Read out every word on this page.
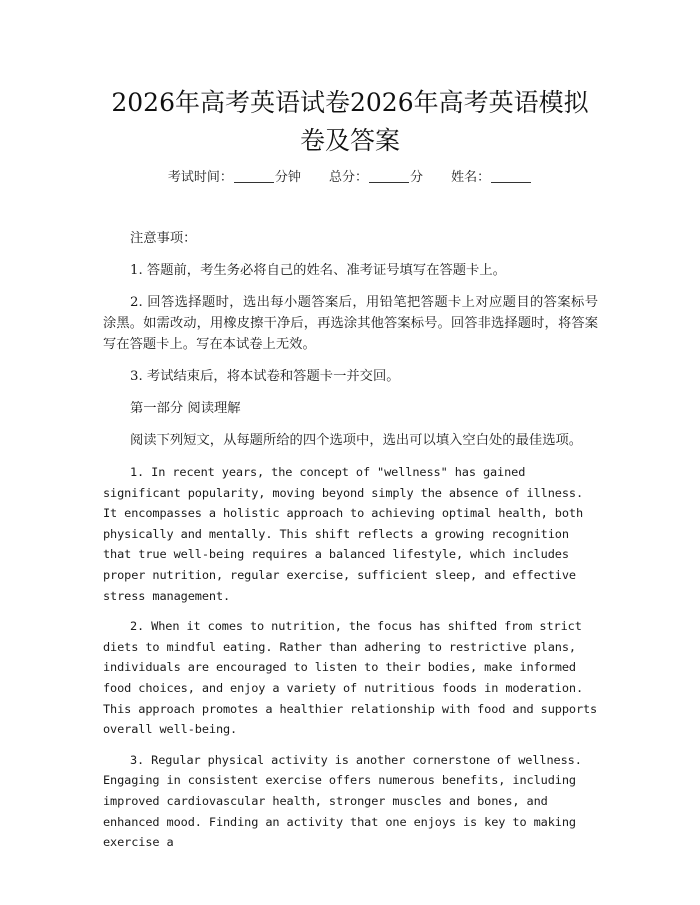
2026年高考英语试卷2026年高考英语模拟卷及答案
考试时间：	分钟 总分：	分 姓名：

注意事项：

1. 答题前，考生务必将自己的姓名、准考证号填写在答题卡上。

2. 回答选择题时，选出每小题答案后，用铅笔把答题卡上对应题目的答案标号涂黑。如需改动，用橡皮擦干净后，再选涂其他答案标号。回答非选择题时，将答案写在答题卡上。写在本试卷上无效。

3. 考试结束后，将本试卷和答题卡一并交回。

第一部分 阅读理解

阅读下列短文，从每题所给的四个选项中，选出可以填入空白处的最佳选项。

1. In recent years, the concept of "wellness" has gained significant popularity, moving beyond simply the absence of illness. It encompasses a holistic approach to achieving optimal health, both physically and mentally. This shift reflects a growing recognition that true well-being requires a balanced lifestyle, which includes proper nutrition, regular exercise, sufficient sleep, and effective stress management.

2. When it comes to nutrition, the focus has shifted from strict diets to mindful eating. Rather than adhering to restrictive plans, individuals are encouraged to listen to their bodies, make informed food choices, and enjoy a variety of nutritious foods in moderation. This approach promotes a healthier relationship with food and supports overall well-being.

3. Regular physical activity is another cornerstone of wellness. Engaging in consistent exercise offers numerous benefits, including improved cardiovascular health, stronger muscles and bones, and enhanced mood. Finding an activity that one enjoys is key to making exercise a
